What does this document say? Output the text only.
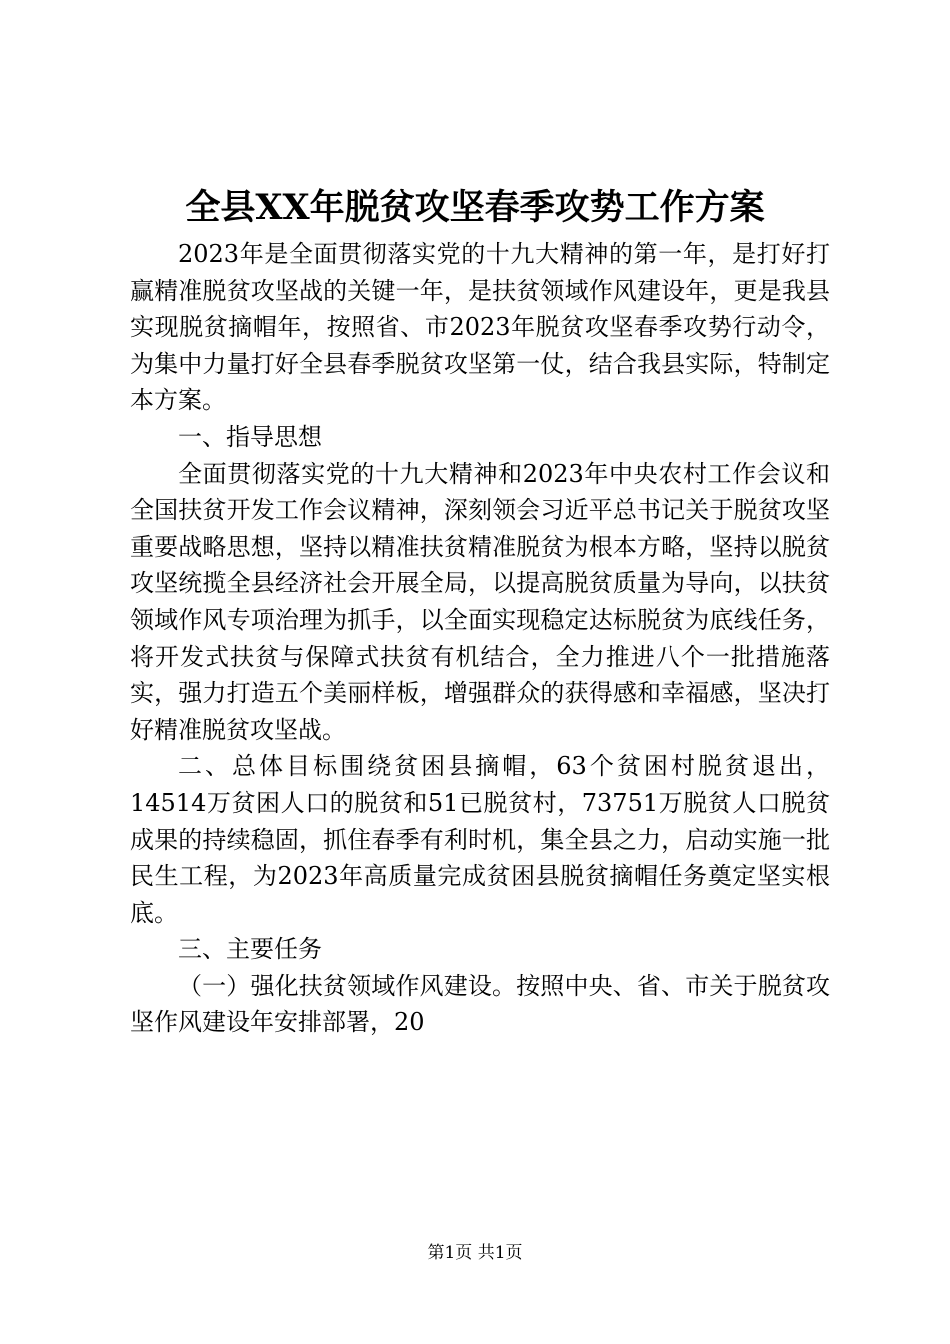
全县XX年脱贫攻坚春季攻势工作方案

2023年是全面贯彻落实党的十九大精神的第一年，是打好打赢精准脱贫攻坚战的关键一年，是扶贫领域作风建设年，更是我县实现脱贫摘帽年，按照省、市2023年脱贫攻坚春季攻势行动令，为集中力量打好全县春季脱贫攻坚第一仗，结合我县实际，特制定本方案。

一、指导思想

全面贯彻落实党的十九大精神和2023年中央农村工作会议和全国扶贫开发工作会议精神，深刻领会习近平总书记关于脱贫攻坚重要战略思想，坚持以精准扶贫精准脱贫为根本方略，坚持以脱贫攻坚统揽全县经济社会开展全局，以提高脱贫质量为导向，以扶贫领域作风专项治理为抓手，以全面实现稳定达标脱贫为底线任务，将开发式扶贫与保障式扶贫有机结合，全力推进八个一批措施落实，强力打造五个美丽样板，增强群众的获得感和幸福感，坚决打好精准脱贫攻坚战。

二、总体目标围绕贫困县摘帽，63个贫困村脱贫退出，14514万贫困人口的脱贫和51已脱贫村，73751万脱贫人口脱贫成果的持续稳固，抓住春季有利时机，集全县之力，启动实施一批民生工程，为2023年高质量完成贫困县脱贫摘帽任务奠定坚实根底。

三、主要任务

（一）强化扶贫领域作风建设。按照中央、省、市关于脱贫攻坚作风建设年安排部署，20

第1页 共1页
